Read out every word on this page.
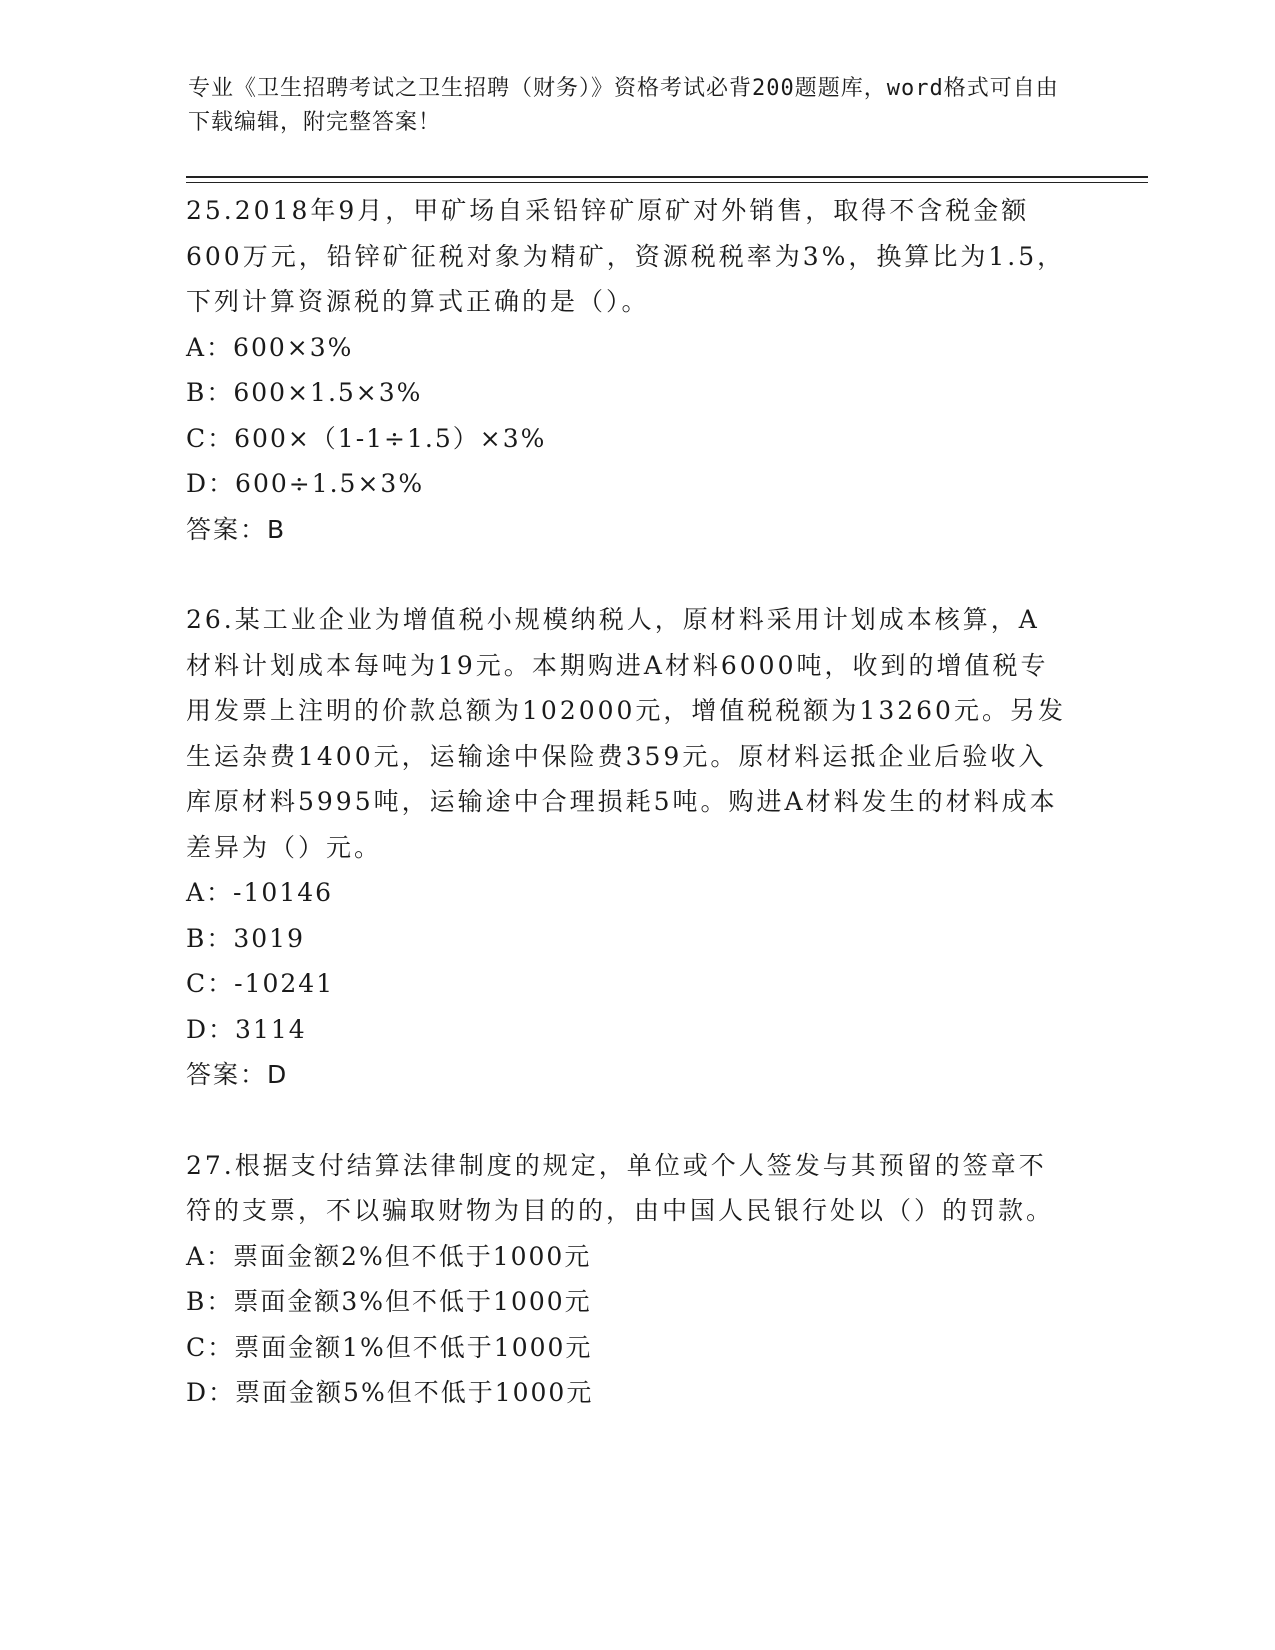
专业《卫生招聘考试之卫生招聘（财务）》资格考试必背200题题库，word格式可自由下载编辑，附完整答案！

25.2018年9月，甲矿场自采铅锌矿原矿对外销售，取得不含税金额600万元，铅锌矿征税对象为精矿，资源税税率为3%，换算比为1.5，下列计算资源税的算式正确的是（）。

A：600×3%

B：600×1.5×3%

C：600×（1-1÷1.5）×3%

D：600÷1.5×3%

答案：B

26.某工业企业为增值税小规模纳税人，原材料采用计划成本核算，A材料计划成本每吨为19元。本期购进A材料6000吨，收到的增值税专用发票上注明的价款总额为102000元，增值税税额为13260元。另发生运杂费1400元，运输途中保险费359元。原材料运抵企业后验收入库原材料5995吨，运输途中合理损耗5吨。购进A材料发生的材料成本差异为（）元。

A：-10146

B：3019

C：-10241

D：3114

答案：D

27.根据支付结算法律制度的规定，单位或个人签发与其预留的签章不符的支票，不以骗取财物为目的的，由中国人民银行处以（）的罚款。

A：票面金额2%但不低于1000元

B：票面金额3%但不低于1000元

C：票面金额1%但不低于1000元

D：票面金额5%但不低于1000元
